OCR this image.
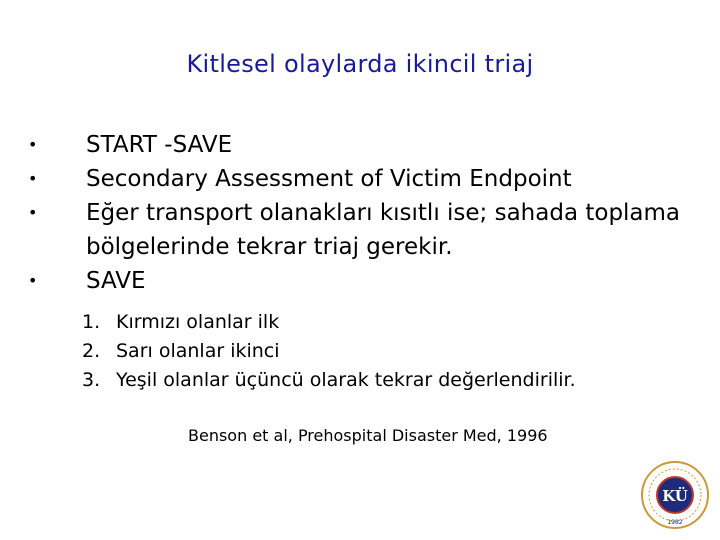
Kitlesel olaylarda ikincil triaj
• START -SAVE
• Secondary Assessment of Victim Endpoint
• Eğer transport olanakları kısıtlı ise; sahada toplama bölgelerinde tekrar triaj gerekir.
• SAVE
1. Kırmızı olanlar ilk
2. Sarı olanlar ikinci
3. Yeşil olanlar üçüncü olarak tekrar değerlendirilir.
Benson et al, Prehospital Disaster Med, 1996
KÜ
1982
